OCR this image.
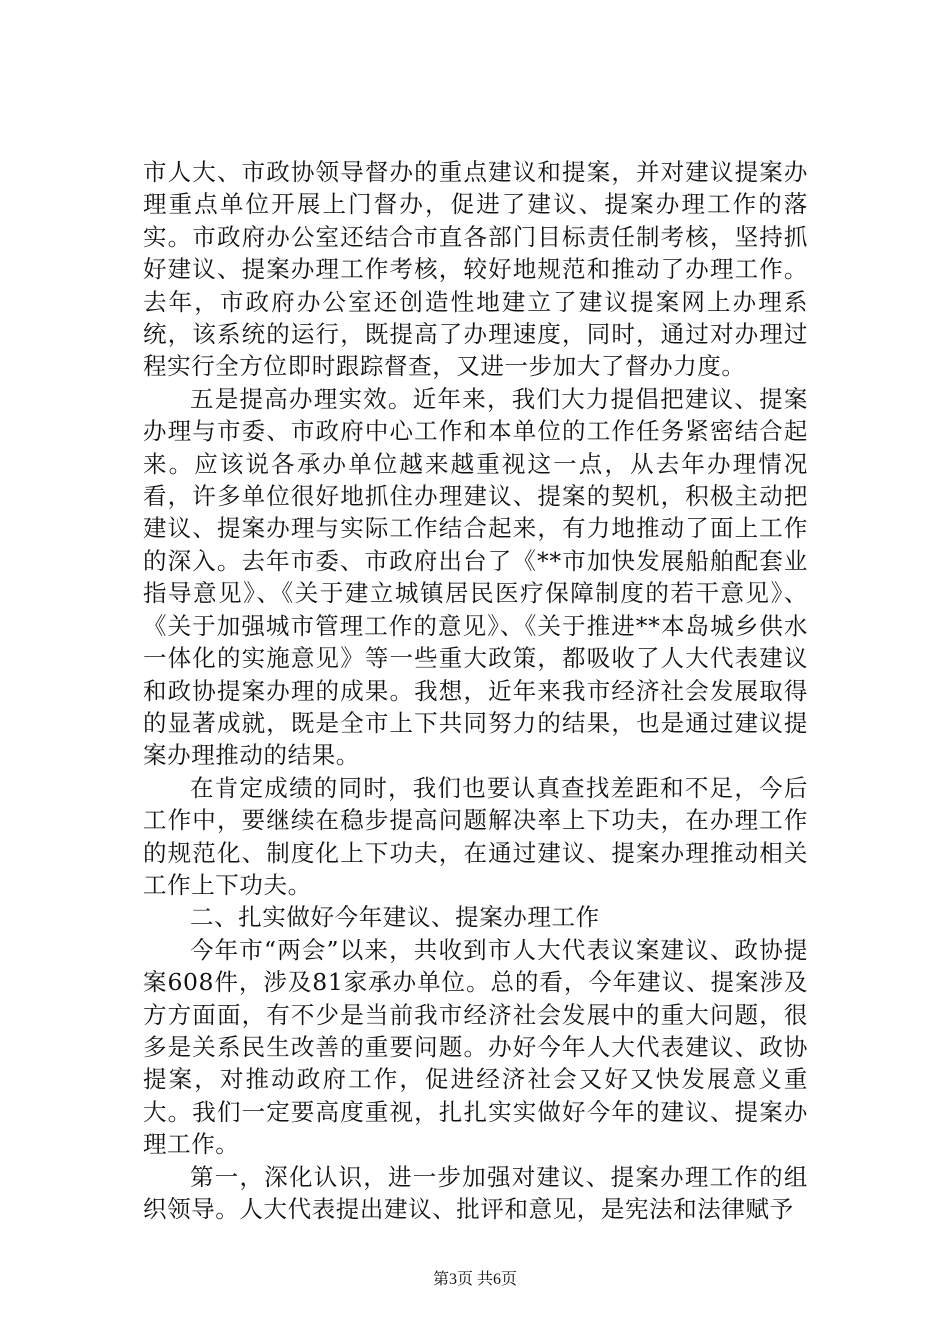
市人大、市政协领导督办的重点建议和提案，并对建议提案办理重点单位开展上门督办，促进了建议、提案办理工作的落实。市政府办公室还结合市直各部门目标责任制考核，坚持抓好建议、提案办理工作考核，较好地规范和推动了办理工作。去年，市政府办公室还创造性地建立了建议提案网上办理系统，该系统的运行，既提高了办理速度，同时，通过对办理过程实行全方位即时跟踪督查，又进一步加大了督办力度。

五是提高办理实效。近年来，我们大力提倡把建议、提案办理与市委、市政府中心工作和本单位的工作任务紧密结合起来。应该说各承办单位越来越重视这一点，从去年办理情况看，许多单位很好地抓住办理建议、提案的契机，积极主动把建议、提案办理与实际工作结合起来，有力地推动了面上工作的深入。去年市委、市政府出台了《**市加快发展船舶配套业指导意见》、《关于建立城镇居民医疗保障制度的若干意见》、《关于加强城市管理工作的意见》、《关于推进**本岛城乡供水一体化的实施意见》等一些重大政策，都吸收了人大代表建议和政协提案办理的成果。我想，近年来我市经济社会发展取得的显著成就，既是全市上下共同努力的结果，也是通过建议提案办理推动的结果。

在肯定成绩的同时，我们也要认真查找差距和不足，今后工作中，要继续在稳步提高问题解决率上下功夫，在办理工作的规范化、制度化上下功夫，在通过建议、提案办理推动相关工作上下功夫。

二、扎实做好今年建议、提案办理工作

今年市“两会”以来，共收到市人大代表议案建议、政协提案608件，涉及81家承办单位。总的看，今年建议、提案涉及方方面面，有不少是当前我市经济社会发展中的重大问题，很多是关系民生改善的重要问题。办好今年人大代表建议、政协提案，对推动政府工作，促进经济社会又好又快发展意义重大。我们一定要高度重视，扎扎实实做好今年的建议、提案办理工作。

第一，深化认识，进一步加强对建议、提案办理工作的组织领导。人大代表提出建议、批评和意见，是宪法和法律赋予

第3页 共6页
